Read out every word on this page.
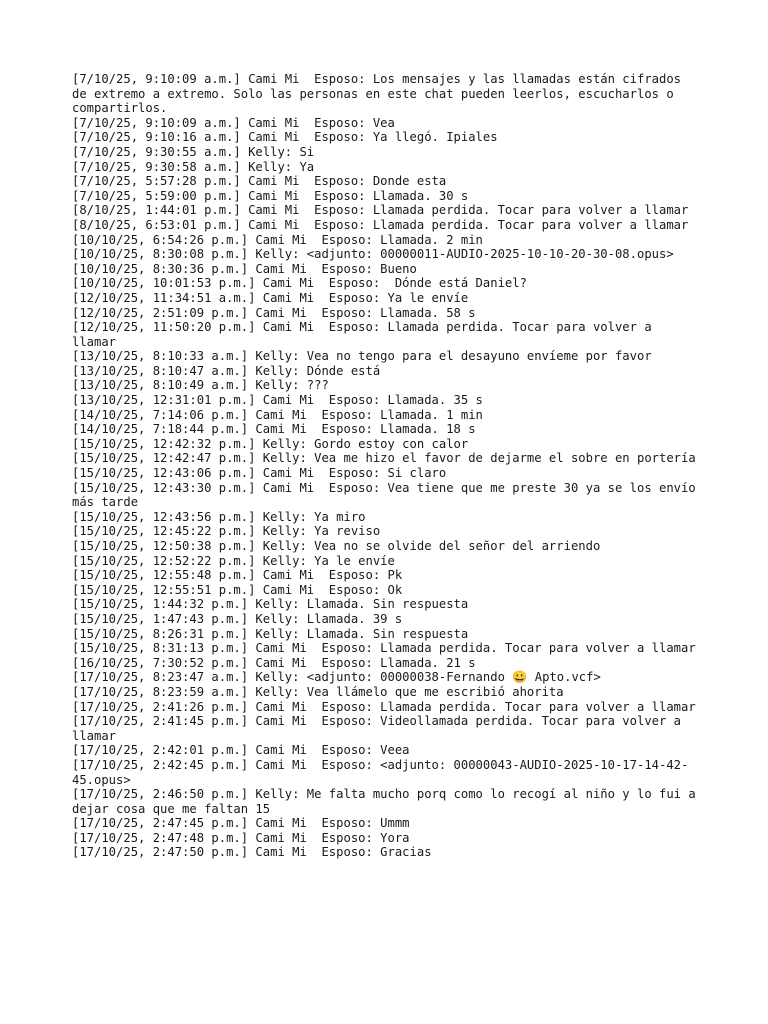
[7/10/25, 9:10:09 a.m.] Cami Mi  Esposo: Los mensajes y las llamadas están cifrados de extremo a extremo. Solo las personas en este chat pueden leerlos, escucharlos o compartirlos.

[7/10/25, 9:10:09 a.m.] Cami Mi  Esposo: Vea

[7/10/25, 9:10:16 a.m.] Cami Mi  Esposo: Ya llegó. Ipiales

[7/10/25, 9:30:55 a.m.] Kelly: Si

[7/10/25, 9:30:58 a.m.] Kelly: Ya

[7/10/25, 5:57:28 p.m.] Cami Mi  Esposo: Donde esta

[7/10/25, 5:59:00 p.m.] Cami Mi  Esposo: Llamada. 30 s

[8/10/25, 1:44:01 p.m.] Cami Mi  Esposo: Llamada perdida. Tocar para volver a llamar

[8/10/25, 6:53:01 p.m.] Cami Mi  Esposo: Llamada perdida. Tocar para volver a llamar

[10/10/25, 6:54:26 p.m.] Cami Mi  Esposo: Llamada. 2 min

[10/10/25, 8:30:08 p.m.] Kelly: <adjunto: 00000011-AUDIO-2025-10-10-20-30-08.opus>

[10/10/25, 8:30:36 p.m.] Cami Mi  Esposo: Bueno

[10/10/25, 10:01:53 p.m.] Cami Mi  Esposo:  Dónde está Daniel?

[12/10/25, 11:34:51 a.m.] Cami Mi  Esposo: Ya le envíe

[12/10/25, 2:51:09 p.m.] Cami Mi  Esposo: Llamada. 58 s

[12/10/25, 11:50:20 p.m.] Cami Mi  Esposo: Llamada perdida. Tocar para volver a llamar

[13/10/25, 8:10:33 a.m.] Kelly: Vea no tengo para el desayuno envíeme por favor

[13/10/25, 8:10:47 a.m.] Kelly: Dónde está

[13/10/25, 8:10:49 a.m.] Kelly: ???

[13/10/25, 12:31:01 p.m.] Cami Mi  Esposo: Llamada. 35 s

[14/10/25, 7:14:06 p.m.] Cami Mi  Esposo: Llamada. 1 min

[14/10/25, 7:18:44 p.m.] Cami Mi  Esposo: Llamada. 18 s

[15/10/25, 12:42:32 p.m.] Kelly: Gordo estoy con calor

[15/10/25, 12:42:47 p.m.] Kelly: Vea me hizo el favor de dejarme el sobre en portería

[15/10/25, 12:43:06 p.m.] Cami Mi  Esposo: Si claro

[15/10/25, 12:43:30 p.m.] Cami Mi  Esposo: Vea tiene que me preste 30 ya se los envío más tarde

[15/10/25, 12:43:56 p.m.] Kelly: Ya miro

[15/10/25, 12:45:22 p.m.] Kelly: Ya reviso

[15/10/25, 12:50:38 p.m.] Kelly: Vea no se olvide del señor del arriendo

[15/10/25, 12:52:22 p.m.] Kelly: Ya le envíe

[15/10/25, 12:55:48 p.m.] Cami Mi  Esposo: Pk

[15/10/25, 12:55:51 p.m.] Cami Mi  Esposo: Ok

[15/10/25, 1:44:32 p.m.] Kelly: Llamada. Sin respuesta

[15/10/25, 1:47:43 p.m.] Kelly: Llamada. 39 s

[15/10/25, 8:26:31 p.m.] Kelly: Llamada. Sin respuesta

[15/10/25, 8:31:13 p.m.] Cami Mi  Esposo: Llamada perdida. Tocar para volver a llamar

[16/10/25, 7:30:52 p.m.] Cami Mi  Esposo: Llamada. 21 s

[17/10/25, 8:23:47 a.m.] Kelly: <adjunto: 00000038-Fernando 😀 Apto.vcf>

[17/10/25, 8:23:59 a.m.] Kelly: Vea llámelo que me escribió ahorita

[17/10/25, 2:41:26 p.m.] Cami Mi  Esposo: Llamada perdida. Tocar para volver a llamar

[17/10/25, 2:41:45 p.m.] Cami Mi  Esposo: Videollamada perdida. Tocar para volver a llamar

[17/10/25, 2:42:01 p.m.] Cami Mi  Esposo: Veea

[17/10/25, 2:42:45 p.m.] Cami Mi  Esposo: <adjunto: 00000043-AUDIO-2025-10-17-14-42-45.opus>

[17/10/25, 2:46:50 p.m.] Kelly: Me falta mucho porq como lo recogí al niño y lo fui a dejar cosa que me faltan 15

[17/10/25, 2:47:45 p.m.] Cami Mi  Esposo: Ummm

[17/10/25, 2:47:48 p.m.] Cami Mi  Esposo: Yora

[17/10/25, 2:47:50 p.m.] Cami Mi  Esposo: Gracias
